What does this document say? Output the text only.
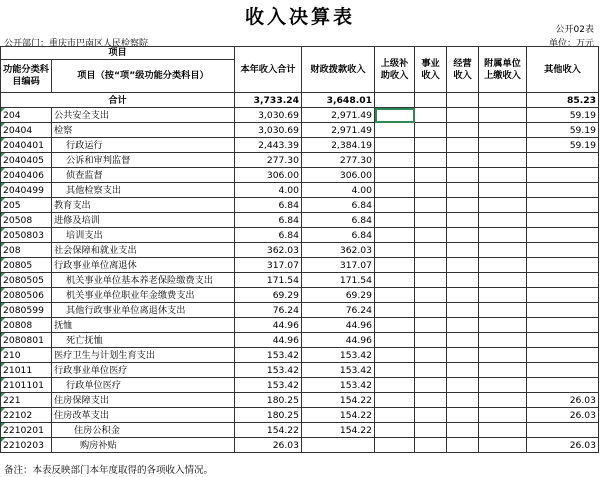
收入决算表
公开02表
公开部门：重庆市巴南区人民检察院	单位：万元
项目		本年收入合计	财政拨款收入	上级补助收入	事业收入	经营收入	附属单位上缴收入	其他收入
功能分类科目编码	项目（按“项”级功能分类科目）							
合计		3,733.24	3,648.01					85.23
204	公共安全支出	3,030.69	2,971.49					59.19
20404	检察	3,030.69	2,971.49					59.19
2040401	行政运行	2,443.39	2,384.19					59.19
2040405	公诉和审判监督	277.30	277.30					
2040406	侦查监督	306.00	306.00					
2040499	其他检察支出	4.00	4.00					
205	教育支出	6.84	6.84					
20508	进修及培训	6.84	6.84					
2050803	培训支出	6.84	6.84					
208	社会保障和就业支出	362.03	362.03					
20805	行政事业单位离退休	317.07	317.07					
2080505	机关事业单位基本养老保险缴费支出	171.54	171.54					
2080506	机关事业单位职业年金缴费支出	69.29	69.29					
2080599	其他行政事业单位离退休支出	76.24	76.24					
20808	抚恤	44.96	44.96					
2080801	死亡抚恤	44.96	44.96					
210	医疗卫生与计划生育支出	153.42	153.42					
21011	行政事业单位医疗	153.42	153.42					
2101101	行政单位医疗	153.42	153.42					
221	住房保障支出	180.25	154.22					26.03
22102	住房改革支出	180.25	154.22					26.03
2210201	住房公积金	154.22	154.22					
2210203	购房补贴	26.03						26.03
备注：本表反映部门本年度取得的各项收入情况。
